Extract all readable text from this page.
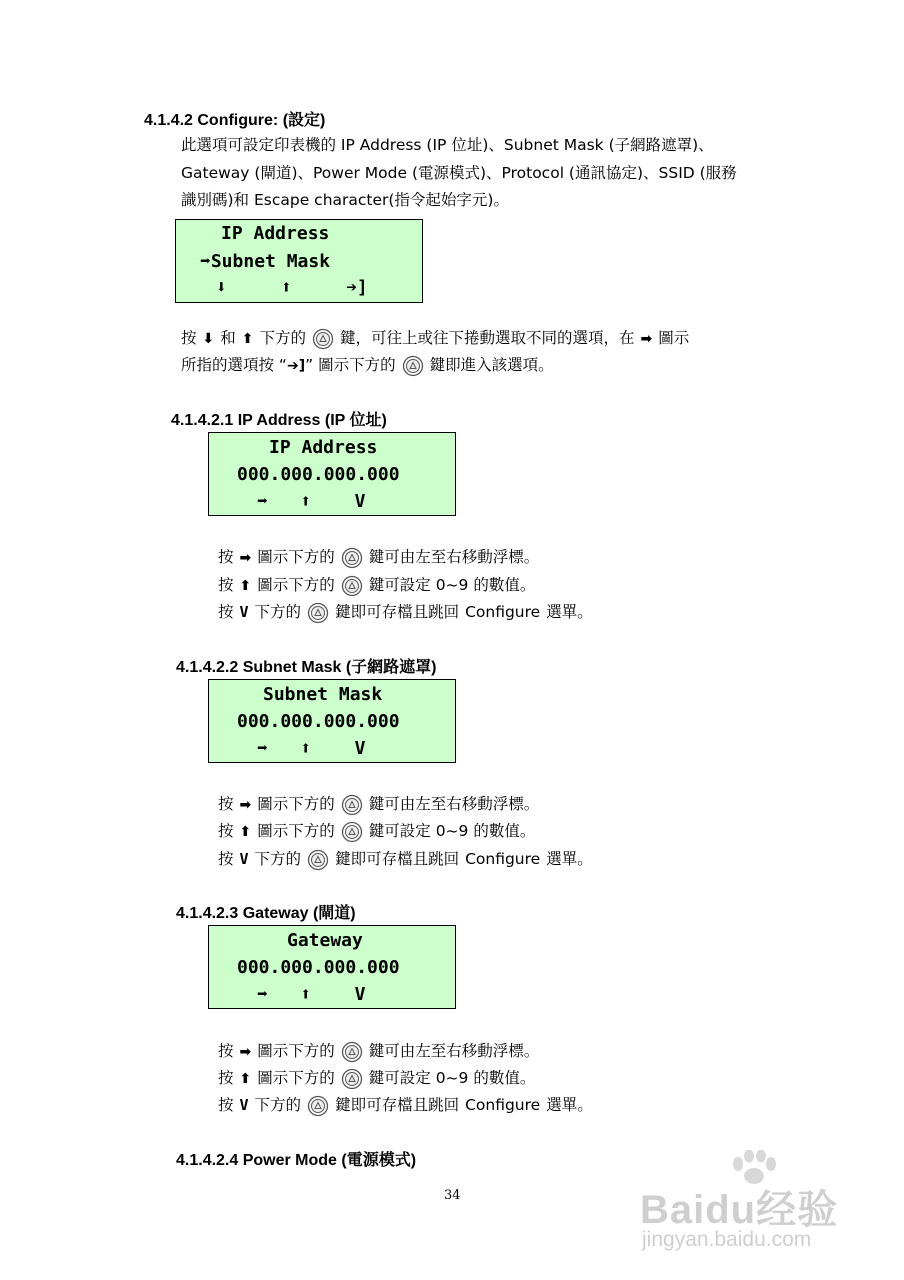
4.1.4.2 Configure: (設定)
此選項可設定印表機的 IP Address (IP 位址)、Subnet Mask (子網路遮罩)、
Gateway (閘道)、Power Mode (電源模式)、Protocol (通訊協定)、SSID (服務
識別碼)和 Escape character(指令起始字元)。
IP Address
➡Subnet Mask
⬇	⬆	➔]
按 ⬇ 和 ⬆ 下方的 鍵，可往上或往下捲動選取不同的選項，在 ➡ 圖示
所指的選項按 “➔]” 圖示下方的 鍵即進入該選項。
4.1.4.2.1 IP Address (IP 位址)
IP Address
000.000.000.000
➡ ⬆ V
按 ➡ 圖示下方的 鍵可由左至右移動浮標。
按 ⬆ 圖示下方的 鍵可設定 0~9 的數值。
按 V 下方的 鍵即可存檔且跳回 Configure 選單。
4.1.4.2.2 Subnet Mask (子網路遮罩)
Subnet Mask
000.000.000.000
➡ ⬆ V
按 ➡ 圖示下方的 鍵可由左至右移動浮標。
按 ⬆ 圖示下方的 鍵可設定 0~9 的數值。
按 V 下方的 鍵即可存檔且跳回 Configure 選單。
4.1.4.2.3 Gateway (閘道)
Gateway
000.000.000.000
➡ ⬆ V
按 ➡ 圖示下方的 鍵可由左至右移動浮標。
按 ⬆ 圖示下方的 鍵可設定 0~9 的數值。
按 V 下方的 鍵即可存檔且跳回 Configure 選單。
4.1.4.2.4 Power Mode (電源模式)
34	Baidu经验
jingyan.baidu.com
